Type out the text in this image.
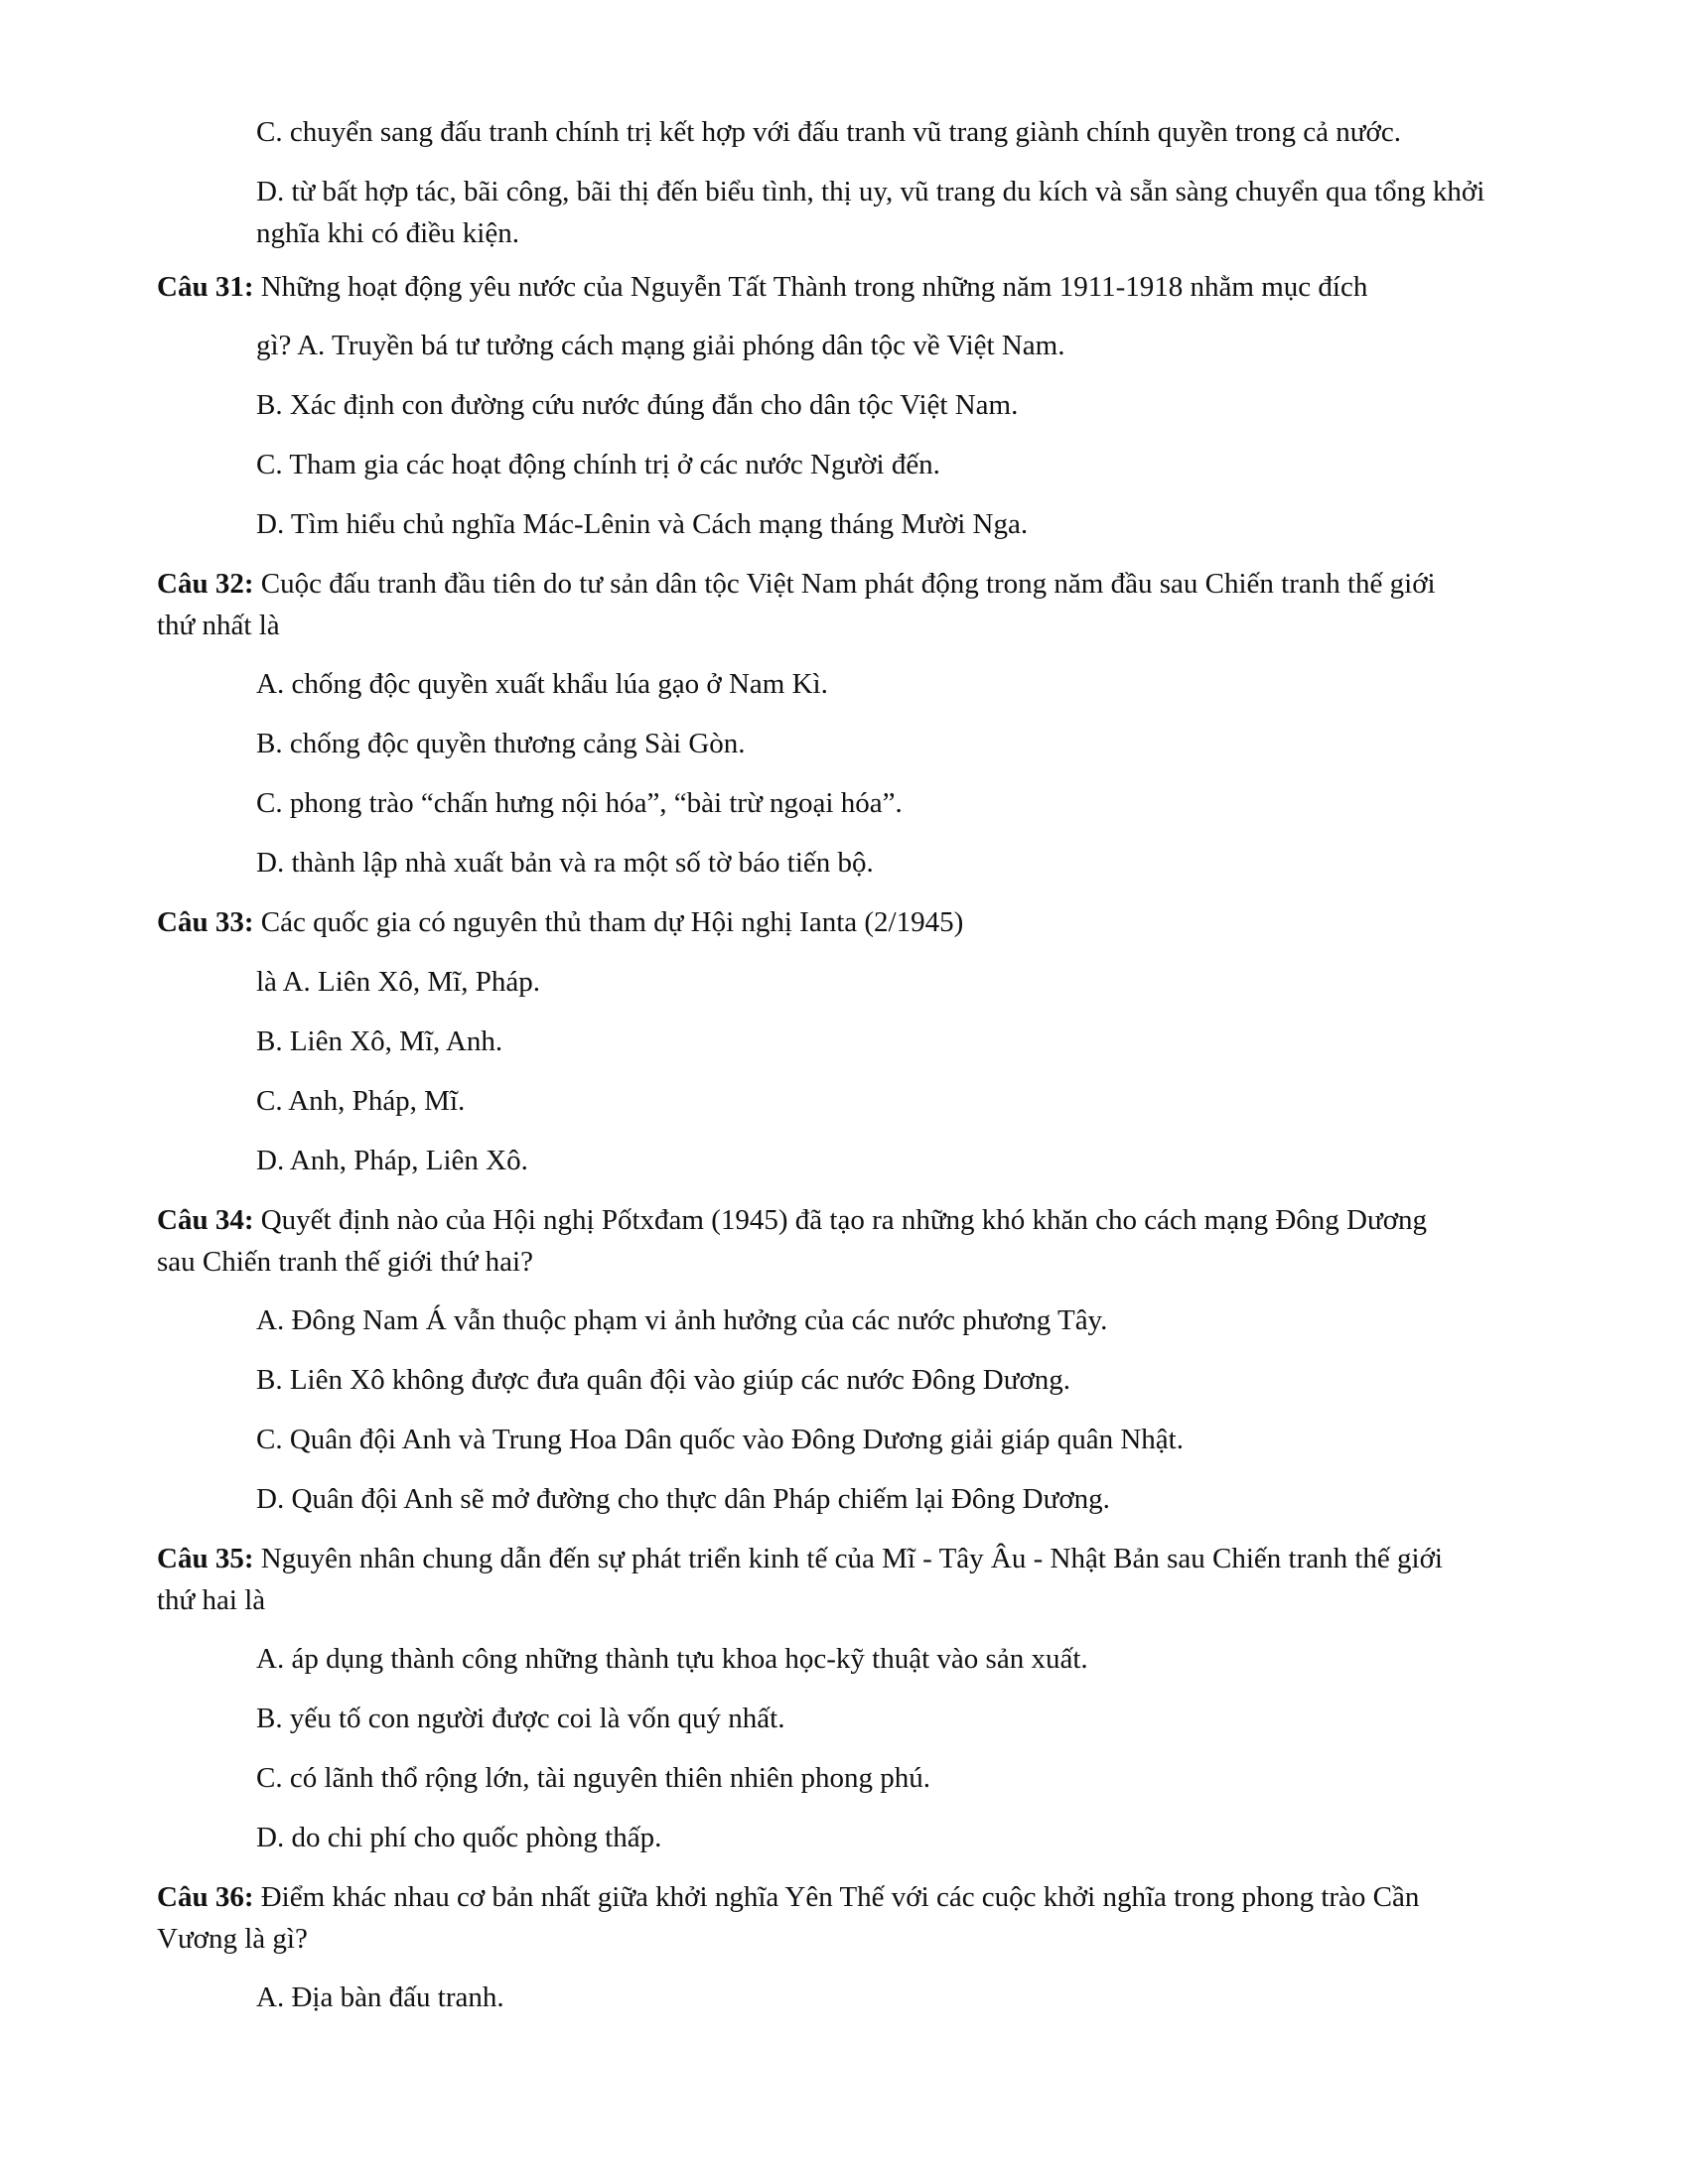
C. chuyển sang đấu tranh chính trị kết hợp với đấu tranh vũ trang giành chính quyền trong cả nước.

D. từ bất hợp tác, bãi công, bãi thị đến biểu tình, thị uy, vũ trang du kích và sẵn sàng chuyển qua tổng khởi

nghĩa khi có điều kiện.

Câu 31: Những hoạt động yêu nước của Nguyễn Tất Thành trong những năm 1911-1918 nhằm mục đích

gì? A. Truyền bá tư tưởng cách mạng giải phóng dân tộc về Việt Nam.

B. Xác định con đường cứu nước đúng đắn cho dân tộc Việt Nam.

C. Tham gia các hoạt động chính trị ở các nước Người đến.

D. Tìm hiểu chủ nghĩa Mác-Lênin và Cách mạng tháng Mười Nga.

Câu 32: Cuộc đấu tranh đầu tiên do tư sản dân tộc Việt Nam phát động trong năm đầu sau Chiến tranh thế giới

thứ nhất là

A. chống độc quyền xuất khẩu lúa gạo ở Nam Kì.

B. chống độc quyền thương cảng Sài Gòn.

C. phong trào “chấn hưng nội hóa”, “bài trừ ngoại hóa”.

D. thành lập nhà xuất bản và ra một số tờ báo tiến bộ.

Câu 33: Các quốc gia có nguyên thủ tham dự Hội nghị Ianta (2/1945)

là A. Liên Xô, Mĩ, Pháp.

B. Liên Xô, Mĩ, Anh.

C. Anh, Pháp, Mĩ.

D. Anh, Pháp, Liên Xô.

Câu 34: Quyết định nào của Hội nghị Pốtxđam (1945) đã tạo ra những khó khăn cho cách mạng Đông Dương

sau Chiến tranh thế giới thứ hai?

A. Đông Nam Á vẫn thuộc phạm vi ảnh hưởng của các nước phương Tây.

B. Liên Xô không được đưa quân đội vào giúp các nước Đông Dương.

C. Quân đội Anh và Trung Hoa Dân quốc vào Đông Dương giải giáp quân Nhật.

D. Quân đội Anh sẽ mở đường cho thực dân Pháp chiếm lại Đông Dương.

Câu 35: Nguyên nhân chung dẫn đến sự phát triển kinh tế của Mĩ - Tây Âu - Nhật Bản sau Chiến tranh thế giới

thứ hai là

A. áp dụng thành công những thành tựu khoa học-kỹ thuật vào sản xuất.

B. yếu tố con người được coi là vốn quý nhất.

C. có lãnh thổ rộng lớn, tài nguyên thiên nhiên phong phú.

D. do chi phí cho quốc phòng thấp.

Câu 36: Điểm khác nhau cơ bản nhất giữa khởi nghĩa Yên Thế với các cuộc khởi nghĩa trong phong trào Cần

Vương là gì?

A. Địa bàn đấu tranh.
